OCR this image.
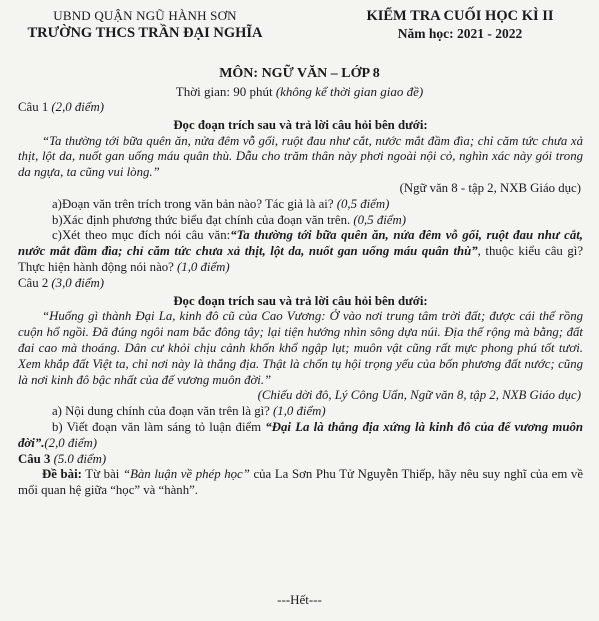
UBND QUẬN NGŨ HÀNH SƠN
TRƯỜNG THCS TRẦN ĐẠI NGHĨA
KIỂM TRA CUỐI HỌC KÌ II
Năm học: 2021 - 2022
MÔN: NGỮ VĂN – LỚP 8
Thời gian: 90 phút (không kể thời gian giao đề)
Câu 1 (2,0 điểm)

Đọc đoạn trích sau và trả lời câu hỏi bên dưới:

“Ta thường tới bữa quên ăn, nửa đêm vỗ gối, ruột đau như cắt, nước mắt đầm đìa; chỉ căm tức chưa xả thịt, lột da, nuốt gan uống máu quân thù. Dẫu cho trăm thân này phơi ngoài nội cỏ, nghìn xác này gói trong da ngựa, ta cũng vui lòng.”

(Ngữ văn 8 - tập 2, NXB Giáo dục)

a)Đoạn văn trên trích trong văn bản nào? Tác giả là ai? (0,5 điểm)

b)Xác định phương thức biểu đạt chính của đoạn văn trên. (0,5 điểm)

c)Xét theo mục đích nói câu văn:“Ta thường tới bữa quên ăn, nửa đêm vỗ gối, ruột đau như cắt, nước mắt đầm đìa; chỉ căm tức chưa xả thịt, lột da, nuốt gan uống máu quân thù”, thuộc kiểu câu gì? Thực hiện hành động nói nào? (1,0 điểm)

Câu 2 (3,0 điểm)

Đọc đoạn trích sau và trả lời câu hỏi bên dưới:

“Huống gì thành Đại La, kinh đô cũ của Cao Vương: Ở vào nơi trung tâm trời đất; được cái thế rồng cuộn hổ ngồi. Đã đúng ngôi nam bắc đông tây; lại tiện hướng nhìn sông dựa núi. Địa thế rộng mà bằng; đất đai cao mà thoáng. Dân cư khỏi chịu cảnh khốn khổ ngập lụt; muôn vật cũng rất mực phong phú tốt tươi. Xem khắp đất Việt ta, chỉ nơi này là thắng địa. Thật là chốn tụ hội trọng yếu của bốn phương đất nước; cũng là nơi kinh đô bậc nhất của đế vương muôn đời.”

(Chiếu dời đô, Lý Công Uẩn, Ngữ văn 8, tập 2, NXB Giáo dục)

a) Nội dung chính của đoạn văn trên là gì? (1,0 điểm)

b) Viết đoạn văn làm sáng tỏ luận điểm “Đại La là thắng địa xứng là kinh đô của đế vương muôn đời”.(2,0 điểm)

Câu 3 (5.0 điểm)

Đề bài: Từ bài “Bàn luận về phép học” của La Sơn Phu Tử Nguyễn Thiếp, hãy nêu suy nghĩ của em về mối quan hệ giữa “học” và “hành”.

---Hết---
